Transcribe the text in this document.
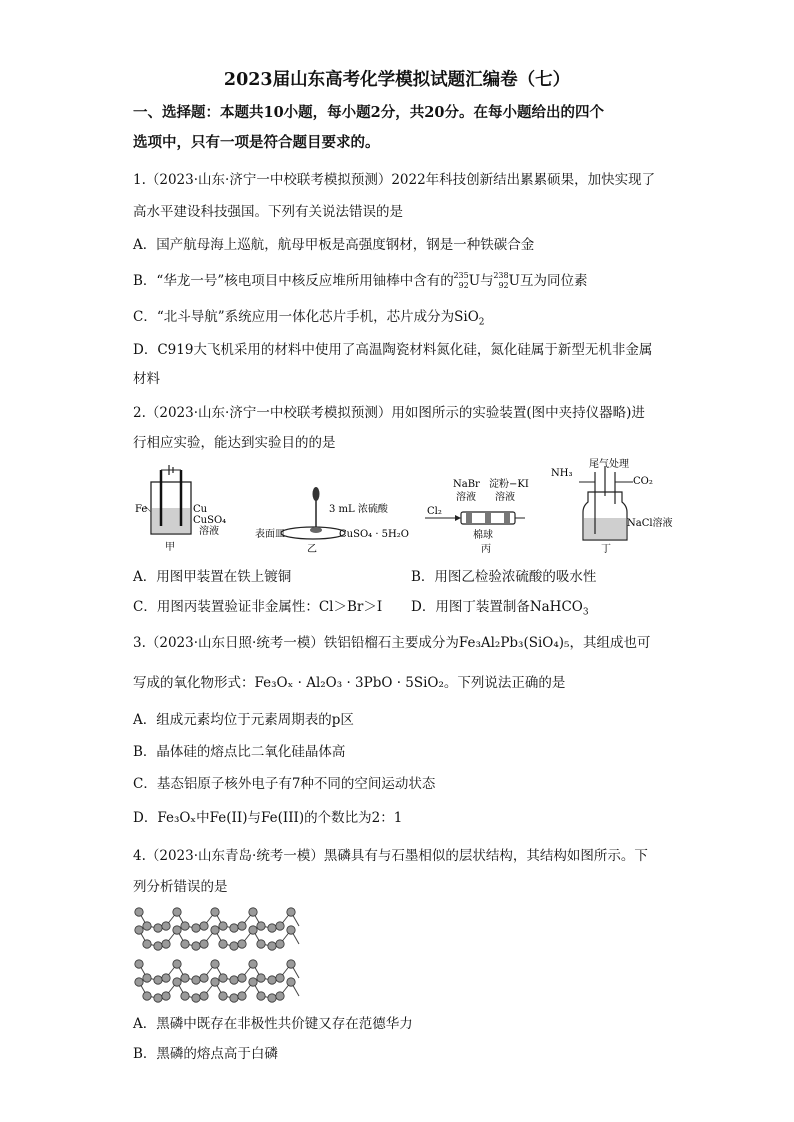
2023届山东高考化学模拟试题汇编卷（七）
一、选择题：本题共10小题，每小题2分，共20分。在每小题给出的四个
选项中，只有一项是符合题目要求的。
1.（2023·山东·济宁一中校联考模拟预测）2022年科技创新结出累累硕果，加快实现了
高水平建设科技强国。下列有关说法错误的是
A．国产航母海上巡航，航母甲板是高强度钢材，钢是一种铁碳合金
B．“华龙一号”核电项目中核反应堆所用铀棒中含有的 235
92 U与 238
92 U互为同位素
C．“北斗导航”系统应用一体化芯片手机，芯片成分为SiO$_2$
D．C919大飞机采用的材料中使用了高温陶瓷材料氮化硅，氮化硅属于新型无机非金属
材料
2.（2023·山东·济宁一中校联考模拟预测）用如图所示的实验装置(图中夹持仪器略)进
行相应实验，能达到实验目的的是
Fe	Cu
CuSO₄
溶液
甲
3 mL 浓硫酸
表面皿	CuSO₄ · 5H₂O
乙
Cl₂
NaBr
溶液
淀粉−KI
溶液
棉球
丙
NH₃
尾气处理
CO₂
NaCl溶液
丁
A．用图甲装置在铁上镀铜	B．用图乙检验浓硫酸的吸水性
C．用图丙装置验证非金属性：Cl＞Br＞I D．用图丁装置制备NaHCO$_3$
3.（2023·山东日照·统考一模）铁铝铅榴石主要成分为Fe₃Al₂Pb₃(SiO₄)₅，其组成也可
写成的氧化物形式：Fe₃Oₓ · Al₂O₃ · 3PbO · 5SiO₂。下列说法正确的是
A．组成元素均位于元素周期表的p区
B．晶体硅的熔点比二氧化硅晶体高
C．基态铝原子核外电子有7种不同的空间运动状态
D．Fe₃Oₓ中Fe(II)与Fe(III)的个数比为2：1
4.（2023·山东青岛·统考一模）黑磷具有与石墨相似的层状结构，其结构如图所示。下
列分析错误的是
A．黑磷中既存在非极性共价键又存在范德华力
B．黑磷的熔点高于白磷
